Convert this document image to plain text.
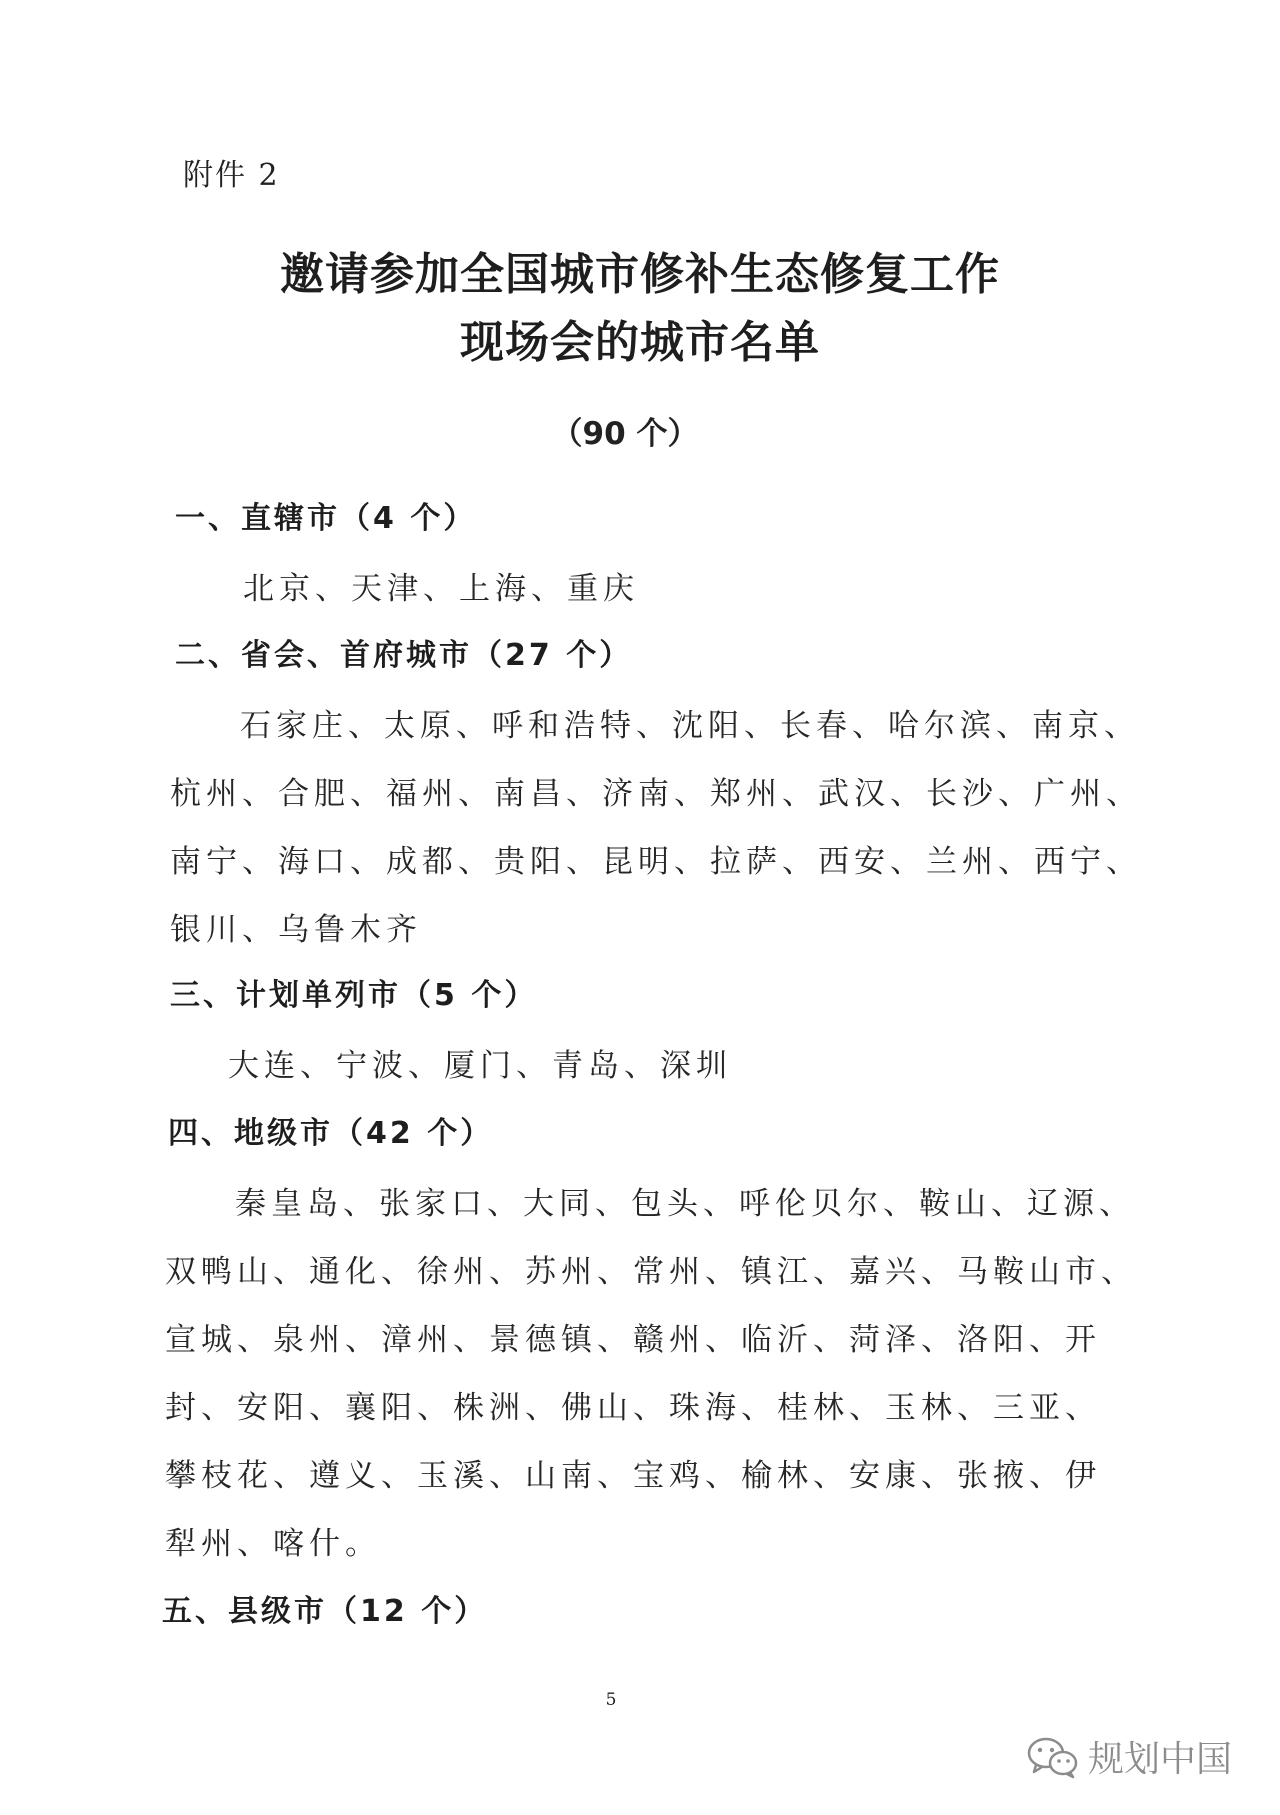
附件 2
邀请参加全国城市修补生态修复工作
现场会的城市名单
（90 个）
一、直辖市（4 个）
北京、天津、上海、重庆
二、省会、首府城市（27 个）
石家庄、太原、呼和浩特、沈阳、长春、哈尔滨、南京、
杭州、合肥、福州、南昌、济南、郑州、武汉、长沙、广州、
南宁、海口、成都、贵阳、昆明、拉萨、西安、兰州、西宁、
银川、乌鲁木齐
三、计划单列市（5 个）
大连、宁波、厦门、青岛、深圳
四、地级市（42 个）
秦皇岛、张家口、大同、包头、呼伦贝尔、鞍山、辽源、
双鸭山、通化、徐州、苏州、常州、镇江、嘉兴、马鞍山市、
宣城、泉州、漳州、景德镇、赣州、临沂、菏泽、洛阳、开
封、安阳、襄阳、株洲、佛山、珠海、桂林、玉林、三亚、
攀枝花、遵义、玉溪、山南、宝鸡、榆林、安康、张掖、伊
犁州、喀什。
五、县级市（12 个）
5
规划中国
